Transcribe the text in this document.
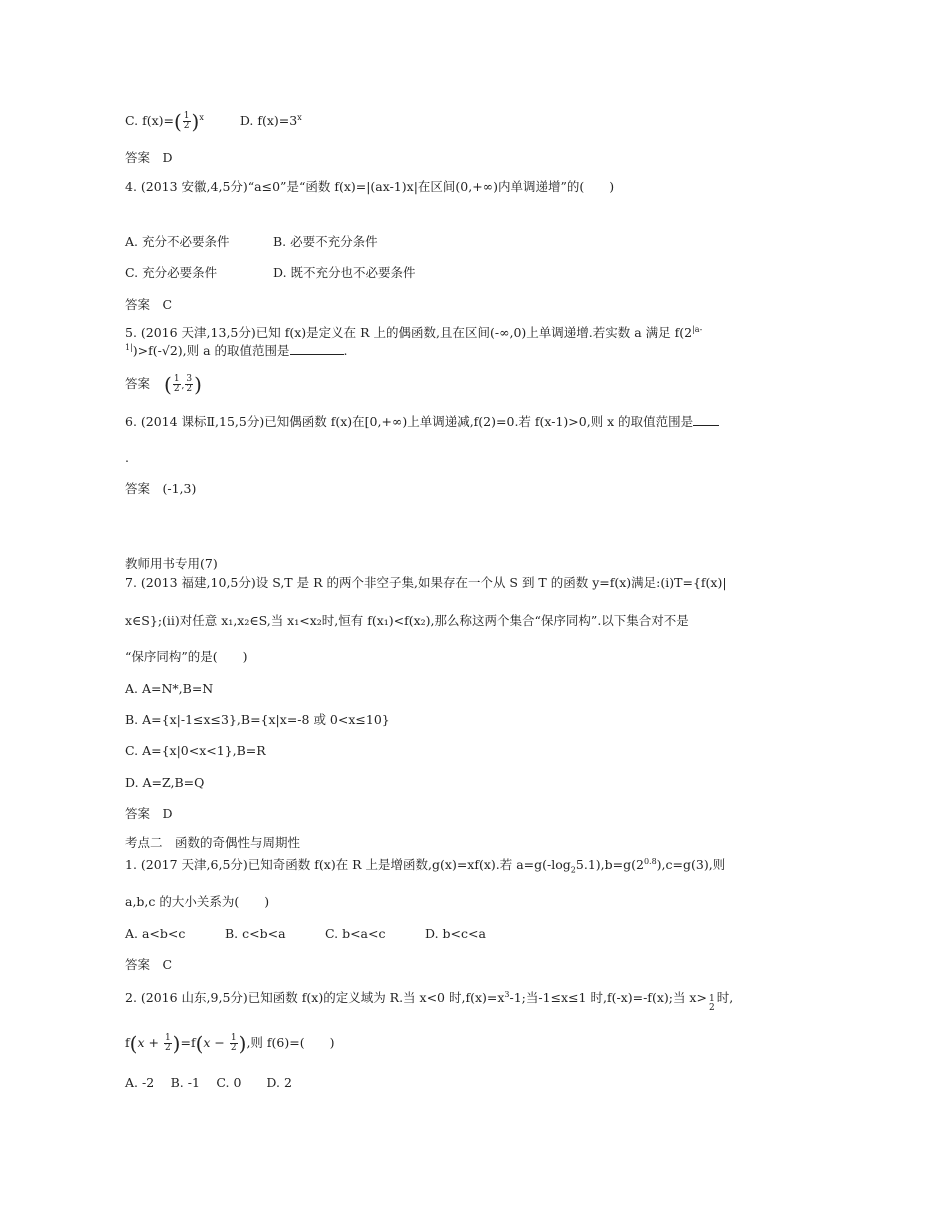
C. $f(x)=( \frac{1}{2} )^x$	D. $f(x)=3^x$
答案　D
4. (2013 安徽,4,5分)“a≤0”是“函数 f(x)=|(ax-1)x|在区间(0,+∞)内单调递增”的(　　)
A. 充分不必要条件	B. 必要不充分条件
C. 充分必要条件	D. 既不充分也不必要条件
答案　C
5. (2016 天津,13,5分)已知 f(x)是定义在 R 上的偶函数,且在区间(-∞,0)上单调递增.若实数 a 满足 $f(2^{|a-}$
$^{1|}$)>f(-√2),则 a 的取值范围是	.
答案 ( $\frac{1}{2}$ , $\frac{3}{2}$ )
6. (2014 课标Ⅱ,15,5分)已知偶函数 f(x)在[0,+∞)上单调递减,f(2)=0.若 f(x-1)>0,则 x 的取值范围是
.
答案　(-1,3)
教师用书专用(7)
7. (2013 福建,10,5分)设 S,T 是 R 的两个非空子集,如果存在一个从 S 到 T 的函数 y=f(x)满足:(i)T={f(x)|
x∈S};(ii)对任意 x₁,x₂∈S,当 x₁<x₂时,恒有 f(x₁)<f(x₂),那么称这两个集合“保序同构”.以下集合对不是
“保序同构”的是(　　)
A. A=N*,B=N
B. A={x|-1≤x≤3},B={x|x=-8 或 0<x≤10}
C. A={x|0<x<1},B=R
D. A=Z,B=Q
答案　D
考点二　函数的奇偶性与周期性
1. (2017 天津,6,5分)已知奇函数 f(x)在 R 上是增函数,g(x)=xf(x).若 $a=g(-\log_25.1),b=g(2^{0.8}),c=g(3)$,则
a,b,c 的大小关系为(　　)
A. a<b<c	B. c<b<a	C. b<a<c	D. b<c<a
答案　C
2. (2016 山东,9,5分)已知函数 f(x)的定义域为 R.当 x<0 时$,f(x)=x^3-1$;当-1≤x≤1 时,f(-x)=-f(x);当 x> 1
2
时,
$f(x + \frac{1}{2} )=f(x - \frac{1}{2}$ ),则 f(6)=(　　)
A. -2　 B. -1　 C. 0　　D. 2
